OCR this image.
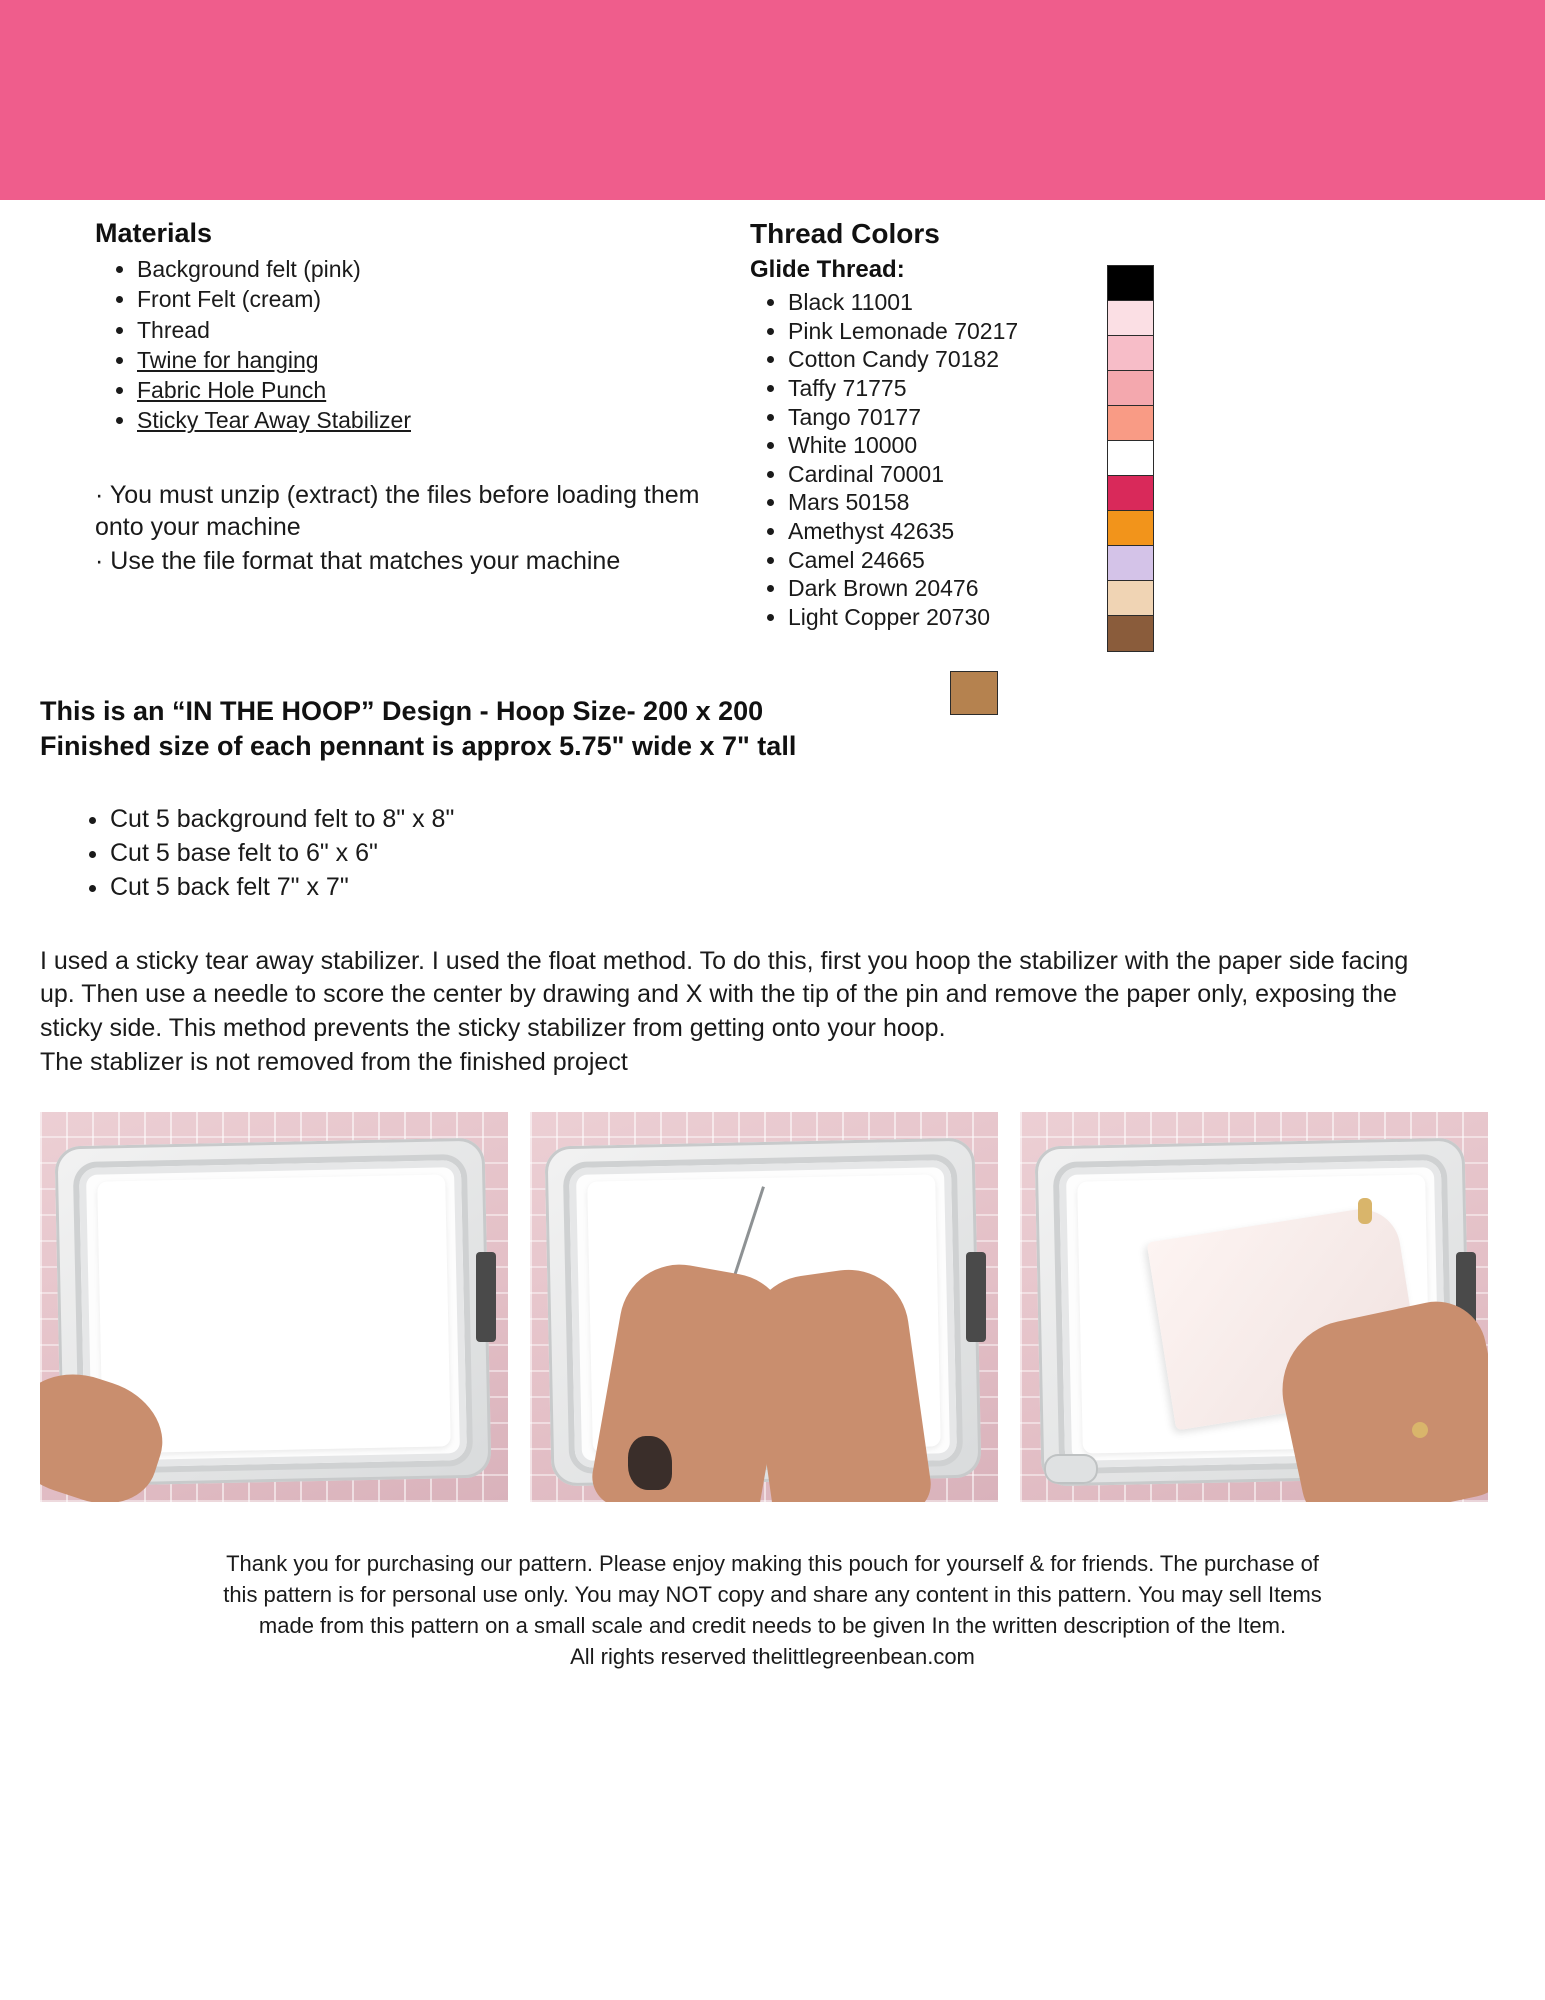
Materials
• Background felt (pink)
• Front Felt (cream)
• Thread
• Twine for hanging
• Fabric Hole Punch
• Sticky Tear Away Stabilizer

· You must unzip (extract) the files before loading them onto your machine

· Use the file format that matches your machine

Thread Colors
Glide Thread:
• Black 11001
• Pink Lemonade 70217
• Cotton Candy 70182
• Taffy 71775
• Tango 70177
• White 10000
• Cardinal 70001
• Mars 50158
• Amethyst 42635
• Camel 24665
• Dark Brown 20476
• Light Copper 20730
This is an “IN THE HOOP” Design - Hoop Size- 200 x 200
Finished size of each pennant is approx 5.75" wide x 7" tall
• Cut 5 background felt to 8" x 8"
• Cut 5 base felt to 6" x 6"
• Cut 5 back felt 7" x 7"

I used a sticky tear away stabilizer. I used the float method. To do this, first you hoop the stabilizer with the paper side facing up. Then use a needle to score the center by drawing and X with the tip of the pin and remove the paper only, exposing the sticky side. This method prevents the sticky stabilizer from getting onto your hoop.

The stablizer is not removed from the finished project

Thank you for purchasing our pattern. Please enjoy making this pouch for yourself & for friends. The purchase of

this pattern is for personal use only. You may NOT copy and share any content in this pattern. You may sell Items

made from this pattern on a small scale and credit needs to be given In the written description of the Item.

All rights reserved thelittlegreenbean.com
